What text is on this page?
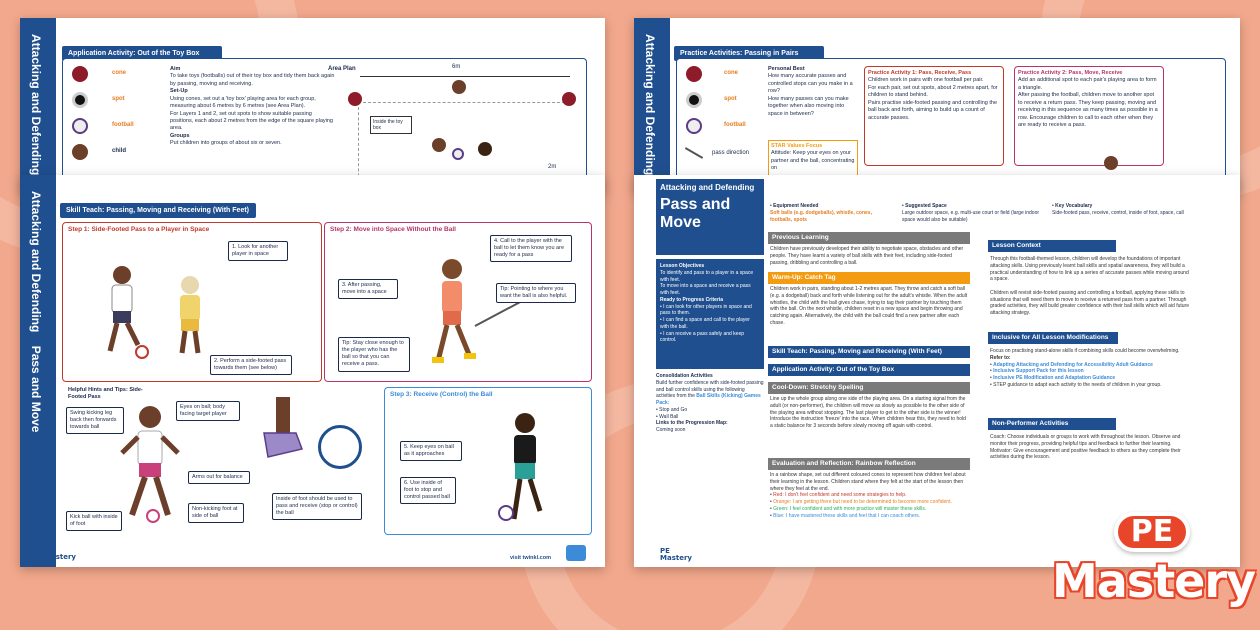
Attacking and Defending	Application Activity: Out of the Toy Box
cone
spot
football
child
Aim
To take toys (footballs) out of their toy box and tidy them back again by passing, moving and receiving.
Set-Up
Using cones, set out a 'toy box' playing area for each group, measuring about 6 metres by 6 metres (see Area Plan).
For Layers 1 and 2, set out spots to show suitable passing positions, each about 2 metres from the edge of the square playing area.
Groups
Put children into groups of about six or seven.
Area Plan	6m
Inside the toy box
2m
Attacking and Defending    Pass and Move
Skill Teach: Passing, Moving and Receiving (With Feet)
Step 1: Side-Footed Pass to a Player in Space
1. Look for another player in space
2. Perform a side-footed pass towards them (see below)
Step 2: Move into Space Without the Ball
3. After passing, move into a space
4. Call to the player with the ball to let them know you are ready for a pass
Tip: Pointing to where you want the ball is also helpful.
Tip: Stay close enough to the player who has the ball so that you can receive a pass.
Helpful Hints and Tips: Side-Footed Pass
Swing kicking leg back then forwards towards ball
Eyes on ball; body facing target player
Arms out for balance
Kick ball with inside of foot
Non-kicking foot at side of ball
Inside of foot should be used to pass and receive (stop or control) the ball
Step 3: Receive (Control) the Ball
5. Keep eyes on ball as it approaches
6. Use inside of foot to stop and control passed ball
PE
Mastery	visit twinkl.com
Attacking and Defending	Practice Activities: Passing in Pairs
cone
spot
football
pass direction
Personal Best
How many accurate passes and controlled stops can you make in a row?
How many passes can you make together when also moving into space in between?
STAR Values Focus
Attitude: Keep your eyes on your partner and the ball, concentrating on
Practice Activity 1: Pass, Receive, Pass
Children work in pairs with one football per pair.
For each pair, set out spots, about 2 metres apart, for children to stand behind.
Pairs practise side-footed passing and controlling the ball back and forth, aiming to build up a count of accurate passes.
Practice Activity 2: Pass, Move, Receive
Add an additional spot to each pair's playing area to form a triangle.
After passing the football, children move to another spot to receive a return pass. They keep passing, moving and receiving in this sequence as many times as possible in a row. Encourage children to call to each other when they are ready to receive a pass.
Attacking and Defending
Pass and Move
5
Lesson Objectives
To identify and pass to a player in a space with feet.
To move into a space and receive a pass with feet.
Ready to Progress Criteria
• I can look for other players in space and pass to them.
• I can find a space and call to the player with the ball.
• I can receive a pass safely and keep control.
Consolidation Activities
Build further confidence with side-footed passing and ball control skills using the following activities from the Ball Skills (Kicking) Games Pack:
• Stop and Go
• Wall Ball
Links to the Progression Map:
Coming soon
• Equipment Needed
Soft balls (e.g. dodgeballs), whistle, cones, footballs, spots
• Suggested Space
Large outdoor space, e.g. multi-use court or field (large indoor space would also be suitable)
• Key Vocabulary
Side-footed pass, receive, control, inside of foot, space, call
Previous Learning
Children have previously developed their ability to negotiate space, obstacles and other people. They have learnt a variety of ball skills with their feet, including side-footed passing, dribbling and controlling a ball.
Warm-Up: Catch Tag
Children work in pairs, standing about 1-2 metres apart. They throw and catch a soft ball (e.g. a dodgeball) back and forth while listening out for the adult's whistle. When the adult whistles, the child with the ball gives chase, trying to tag their partner by touching them with the ball. On the next whistle, children reset in a new space and begin throwing and catching again. Alternatively, the child with the ball could find a new partner after each chase.
Skill Teach: Passing, Moving and Receiving (With Feet)
Application Activity: Out of the Toy Box
Cool-Down: Stretchy Spelling
Line up the whole group along one side of the playing area. On a starting signal from the adult (or non-performer), the children will move as slowly as possible to the other side of the playing area without stopping. The last player to get to the other side is the winner! Introduce the instruction 'freeze' into the race. When children hear this, they need to hold a static balance for 3 seconds before slowly moving off again with control.
Evaluation and Reflection: Rainbow Reflection
In a rainbow shape, set out different coloured cones to represent how children feel about their learning in the lesson. Children stand where they felt at the start of the lesson then where they feel at the end.
• Red: I don't feel confident and need some strategies to help.
• Orange: I am getting there but need to be determined to become more confident.
• Green: I feel confident and with more practice will master these skills.
• Blue: I have mastered these skills and feel that I can coach others.
Lesson Context
Through this football-themed lesson, children will develop the foundations of important attacking skills. Using previously learnt ball skills and spatial awareness, they will build a practical understanding of how to link up a series of accurate passes while moving around a space.

Children will revisit side-footed passing and controlling a football, applying these skills to situations that will need them to move to receive a returned pass from a partner. Through graded activities, they will build greater confidence with their ball skills which will aid future attacking strategy.
Inclusive for All Lesson Modifications
Focus on practising stand-alone skills if combining skills could become overwhelming.
Refer to:
• Adapting Attacking and Defending for Accessibility Adult Guidance
• Inclusive Support Pack for this lesson
• Inclusive PE Modification and Adaptation Guidance
• STEP guidance to adapt each activity to the needs of children in your group.
Non-Performer Activities
Coach: Choose individuals or groups to work with throughout the lesson. Observe and monitor their progress, providing helpful tips and feedback to further their learning.
Motivator: Give encouragement and positive feedback to others as they complete their activities during the lesson.
PE
Mastery
PE
Mastery
